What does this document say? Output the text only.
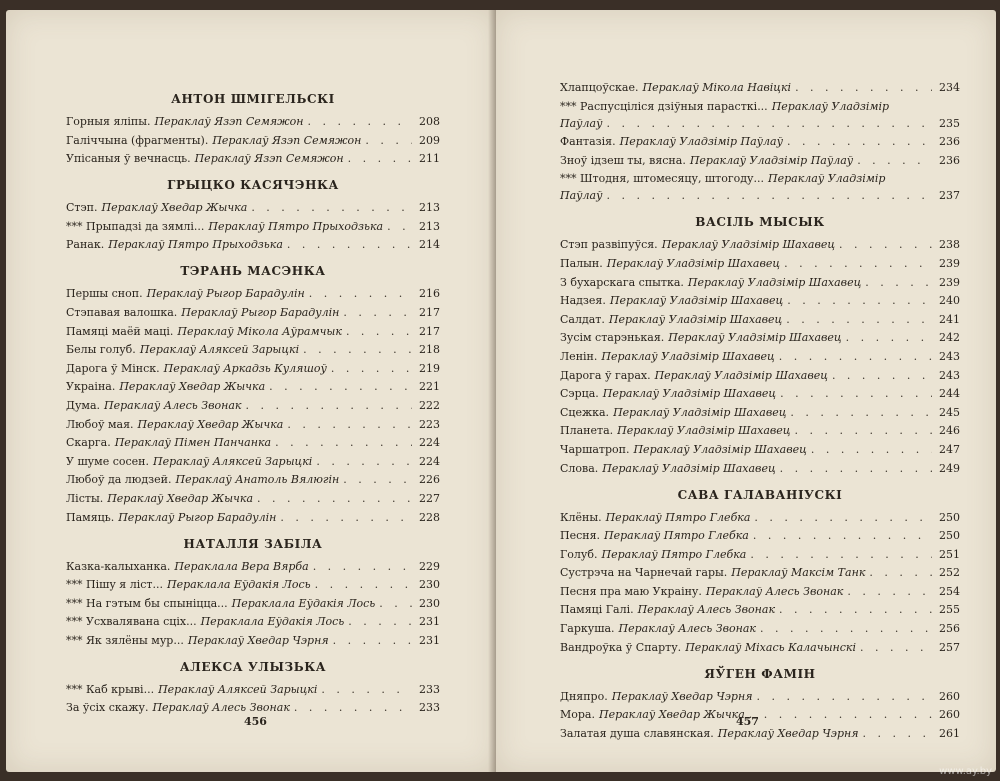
АНТОН ШМІГЕЛЬСКІ
Горныя яліпы. Пераклаў Язэп Семяжон . . .	208
Галіччына (фрагменты). Пераклаў Язэп Семяжон . . .	209
Упісаныя ў вечнасць. Пераклаў Язэп Семяжон . . .	211
ГРЫЦКО КАСЯЧЭНКА
Стэп. Пераклаў Хведар Жычка . . .	213
*** Прыпадзі да зямлі... Пераклаў Пятро Прыходзька . . .	213
Ранак. Пераклаў Пятро Прыходзька . . .	214
ТЭРАНЬ МАСЭНКА
Першы сноп. Пераклаў Рыгор Барадулін . . .	216
Стэпавая валошка. Пераклаў Рыгор Барадулін . . .	217
Памяці маёй маці. Пераклаў Мікола Аўрамчык . . .	217
Белы голуб. Пераклаў Аляксей Зарыцкі . . .	218
Дарога ў Мінск. Пераклаў Аркадзь Куляшоў . . .	219
Украіна. Пераклаў Хведар Жычка . . .	221
Дума. Пераклаў Алесь Звонак . . .	222
Любоў мая. Пераклаў Хведар Жычка . . .	223
Скарга. Пераклаў Пімен Панчанка . . .	224
У шуме сосен. Пераклаў Аляксей Зарыцкі . . .	224
Любоў да людзей. Пераклаў Анатоль Вялюгін . . .	226
Лісты. Пераклаў Хведар Жычка . . .	227
Памяць. Пераклаў Рыгор Барадулін . . .	228
НАТАЛЛЯ ЗАБІЛА
Казка-калыханка. Пераклала Вера Вярба . . .	229
*** Пішу я ліст... Пераклала Еўдакія Лось . . .	230
*** На гэтым бы спыніцца... Пераклала Еўдакія Лось . . .	230
*** Усхвалявана сціх... Пераклала Еўдакія Лось . . .	231
*** Як зялёны мур... Пераклаў Хведар Чэрня . . .	231
АЛЕКСА УЛЫЗЬКА
*** Каб крыві... Пераклаў Аляксей Зарыцкі . . .	233
За ўсіх скажу. Пераклаў Алесь Звонак . . .	233
456
Хлапцоўскае. Пераклаў Мікола Навіцкі . . .	234
*** Распусціліся дзіўныя парасткі... Пераклаў Уладзімір
Паўлаў . . .	235
Фантазія. Пераклаў Уладзімір Паўлаў . . .	236
Зноў ідзеш ты, вясна. Пераклаў Уладзімір Паўлаў . . .	236
*** Штодня, штомесяцу, штогоду... Пераклаў Уладзімір
Паўлаў . . .	237
ВАСІЛЬ МЫСЫК
Стэп развіпуўся. Пераклаў Уладзімір Шахавец . . .	238
Палын. Пераклаў Уладзімір Шахавец . . .	239
З бухарскага спытка. Пераклаў Уладзімір Шахавец . . .	239
Надзея. Пераклаў Уладзімір Шахавец . . .	240
Салдат. Пераклаў Уладзімір Шахавец . . .	241
Зусім старэнькая. Пераклаў Уладзімір Шахавец . . .	242
Ленін. Пераклаў Уладзімір Шахавец . . .	243
Дарога ў гарах. Пераклаў Уладзімір Шахавец . . .	243
Сэрца. Пераклаў Уладзімір Шахавец . . .	244
Сцежка. Пераклаў Уладзімір Шахавец . . .	245
Планета. Пераклаў Уладзімір Шахавец . . .	246
Чаршатроп. Пераклаў Уладзімір Шахавец . . .	247
Слова. Пераклаў Уладзімір Шахавец . . .	249
САВА ГАЛАВАНІУСКІ
Клёны. Пераклаў Пятро Глебка . . .	250
Песня. Пераклаў Пятро Глебка . . .	250
Голуб. Пераклаў Пятро Глебка . . .	251
Сустрэча на Чарнечай гары. Пераклаў Максім Танк . . .	252
Песня пра маю Украіну. Пераклаў Алесь Звонак . . .	254
Памяці Галі. Пераклаў Алесь Звонак . . .	255
Гаркуша. Пераклаў Алесь Звонак . . .	256
Вандроўка ў Спарту. Пераклаў Міхась Калачынскі . . .	257
ЯЎГЕН ФАМІН
Дняпро. Пераклаў Хведар Чэрня . . .	260
Мора. Пераклаў Хведар Жычка . . .	260
Залатая душа славянская. Пераклаў Хведар Чэрня . . .	261
457
www.ay.by
